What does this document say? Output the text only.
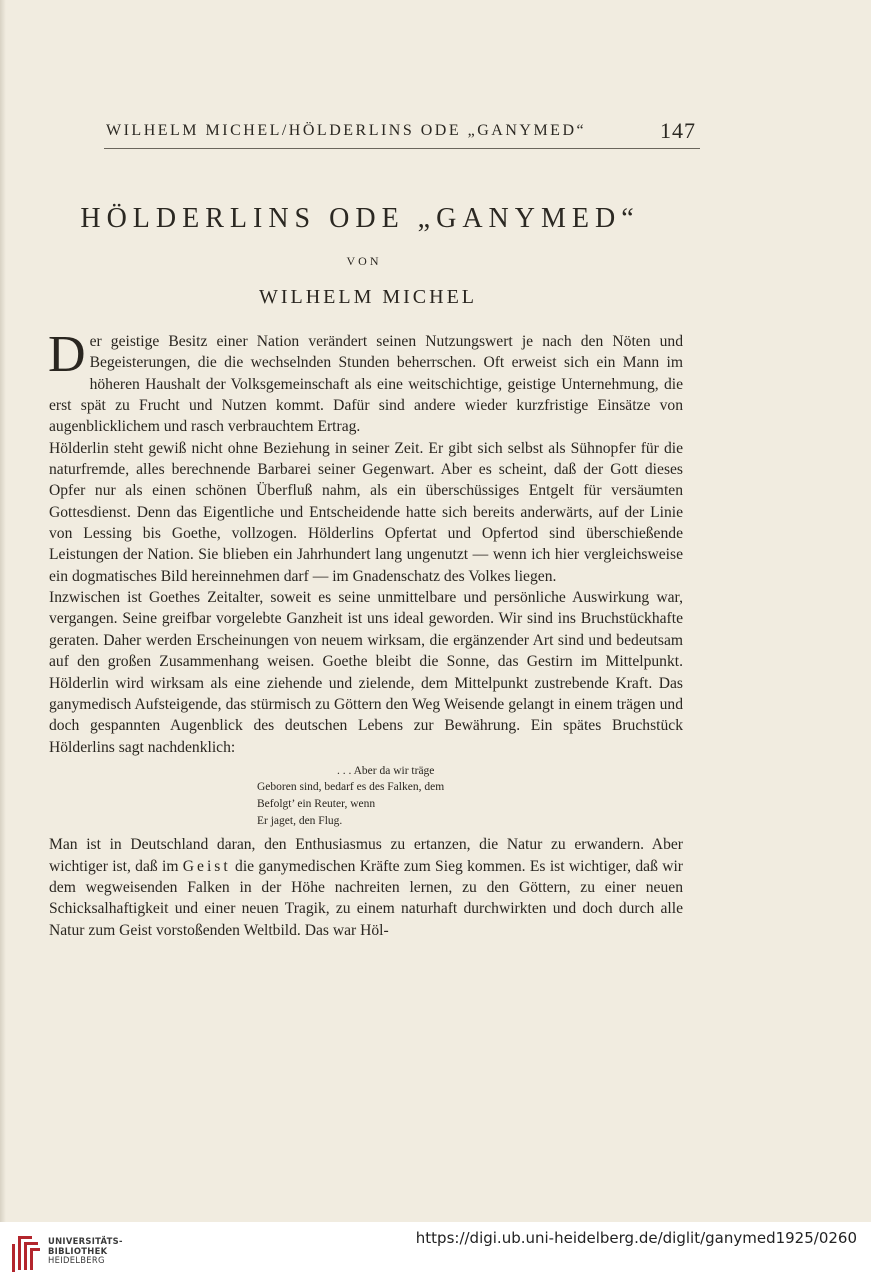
WILHELM MICHEL/HÖLDERLINS ODE „GANYMED“	147
HÖLDERLINS ODE „GANYMED“
VON
WILHELM MICHEL

Der geistige Besitz einer Nation verändert seinen Nutzungswert je nach den Nöten und Begeisterungen, die die wechselnden Stunden beherrschen. Oft erweist sich ein Mann im höheren Haushalt der Volksgemeinschaft als eine weitschichtige, geistige Unternehmung, die erst spät zu Frucht und Nutzen kommt. Dafür sind andere wieder kurzfristige Einsätze von augenblicklichem und rasch verbrauchtem Ertrag.

Hölderlin steht gewiß nicht ohne Beziehung in seiner Zeit. Er gibt sich selbst als Sühnopfer für die naturfremde, alles berechnende Barbarei seiner Gegenwart. Aber es scheint, daß der Gott dieses Opfer nur als einen schönen Überfluß nahm, als ein überschüssiges Entgelt für versäumten Gottesdienst. Denn das Eigentliche und Entscheidende hatte sich bereits anderwärts, auf der Linie von Lessing bis Goethe, vollzogen. Hölderlins Opfertat und Opfertod sind überschießende Leistungen der Nation. Sie blieben ein Jahrhundert lang ungenutzt — wenn ich hier vergleichsweise ein dogmatisches Bild hereinnehmen darf — im Gnadenschatz des Volkes liegen.

Inzwischen ist Goethes Zeitalter, soweit es seine unmittelbare und persönliche Auswirkung war, vergangen. Seine greifbar vorgelebte Ganzheit ist uns ideal geworden. Wir sind ins Bruchstückhafte geraten. Daher werden Erscheinungen von neuem wirksam, die ergänzender Art sind und bedeutsam auf den großen Zusammenhang weisen. Goethe bleibt die Sonne, das Gestirn im Mittelpunkt. Hölderlin wird wirksam als eine ziehende und zielende, dem Mittelpunkt zustrebende Kraft. Das ganymedisch Aufsteigende, das stürmisch zu Göttern den Weg Weisende gelangt in einem trägen und doch gespannten Augenblick des deutschen Lebens zur Bewährung. Ein spätes Bruchstück Hölderlins sagt nachdenklich:

. . . Aber da wir träge
Geboren sind, bedarf es des Falken, dem
Befolgt’ ein Reuter, wenn
Er jaget, den Flug.

Man ist in Deutschland daran, den Enthusiasmus zu ertanzen, die Natur zu erwandern. Aber wichtiger ist, daß im Geist die ganymedischen Kräfte zum Sieg kommen. Es ist wichtiger, daß wir dem wegweisenden Falken in der Höhe nachreiten lernen, zu den Göttern, zu einer neuen Schicksalhaftigkeit und einer neuen Tragik, zu einem naturhaft durchwirkten und doch durch alle Natur zum Geist vorstoßenden Weltbild. Das war Höl-

UNIVERSITÄTS-
BIBLIOTHEK
HEIDELBERG
https://digi.ub.uni-heidelberg.de/diglit/ganymed1925/0260
